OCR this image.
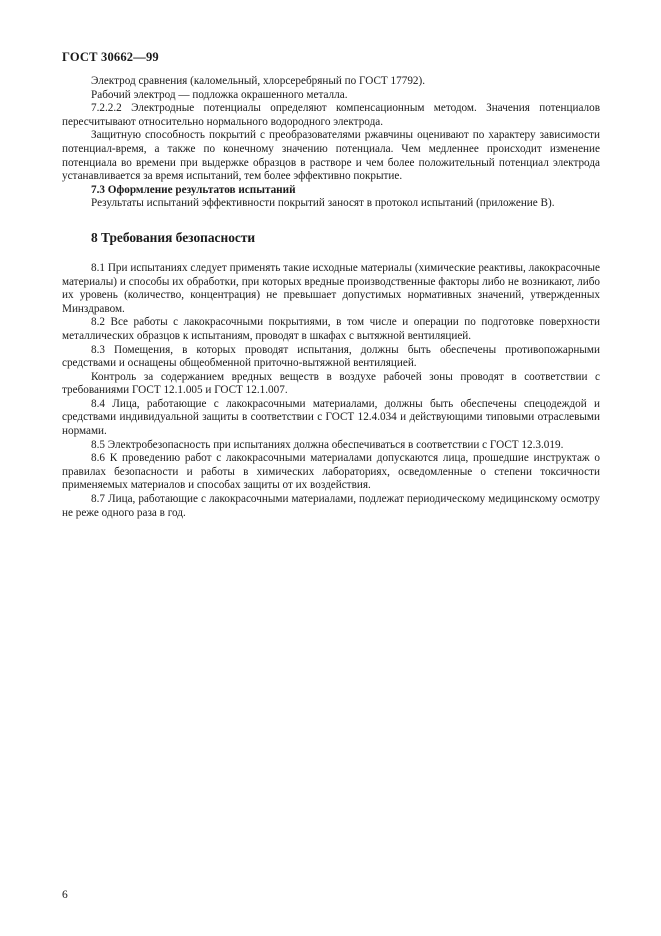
ГОСТ 30662—99

Электрод сравнения (каломельный, хлорсеребряный по ГОСТ 17792).

Рабочий электрод — подложка окрашенного металла.

7.2.2.2 Электродные потенциалы определяют компенсационным методом. Значения потенциалов пересчитывают относительно нормального водородного электрода.

Защитную способность покрытий с преобразователями ржавчины оценивают по характеру зависимости потенциал-время, а также по конечному значению потенциала. Чем медленнее происходит изменение потенциала во времени при выдержке образцов в растворе и чем более положительный потенциал электрода устанавливается за время испытаний, тем более эффективно покрытие.

7.3 Оформление результатов испытаний

Результаты испытаний эффективности покрытий заносят в протокол испытаний (приложение В).

8 Требования безопасности

8.1 При испытаниях следует применять такие исходные материалы (химические реактивы, лакокрасочные материалы) и способы их обработки, при которых вредные производственные факторы либо не возникают, либо их уровень (количество, концентрация) не превышает допустимых нормативных значений, утвержденных Минздравом.

8.2 Все работы с лакокрасочными покрытиями, в том числе и операции по подготовке поверхности металлических образцов к испытаниям, проводят в шкафах с вытяжной вентиляцией.

8.3 Помещения, в которых проводят испытания, должны быть обеспечены противопожарными средствами и оснащены общеобменной приточно-вытяжной вентиляцией.

Контроль за содержанием вредных веществ в воздухе рабочей зоны проводят в соответствии с требованиями ГОСТ 12.1.005 и ГОСТ 12.1.007.

8.4 Лица, работающие с лакокрасочными материалами, должны быть обеспечены спецодеждой и средствами индивидуальной защиты в соответствии с ГОСТ 12.4.034 и действующими типовыми отраслевыми нормами.

8.5 Электробезопасность при испытаниях должна обеспечиваться в соответствии с ГОСТ 12.3.019.

8.6 К проведению работ с лакокрасочными материалами допускаются лица, прошедшие инструктаж о правилах безопасности и работы в химических лабораториях, осведомленные о степени токсичности применяемых материалов и способах защиты от их воздействия.

8.7 Лица, работающие с лакокрасочными материалами, подлежат периодическому медицинскому осмотру не реже одного раза в год.

6
